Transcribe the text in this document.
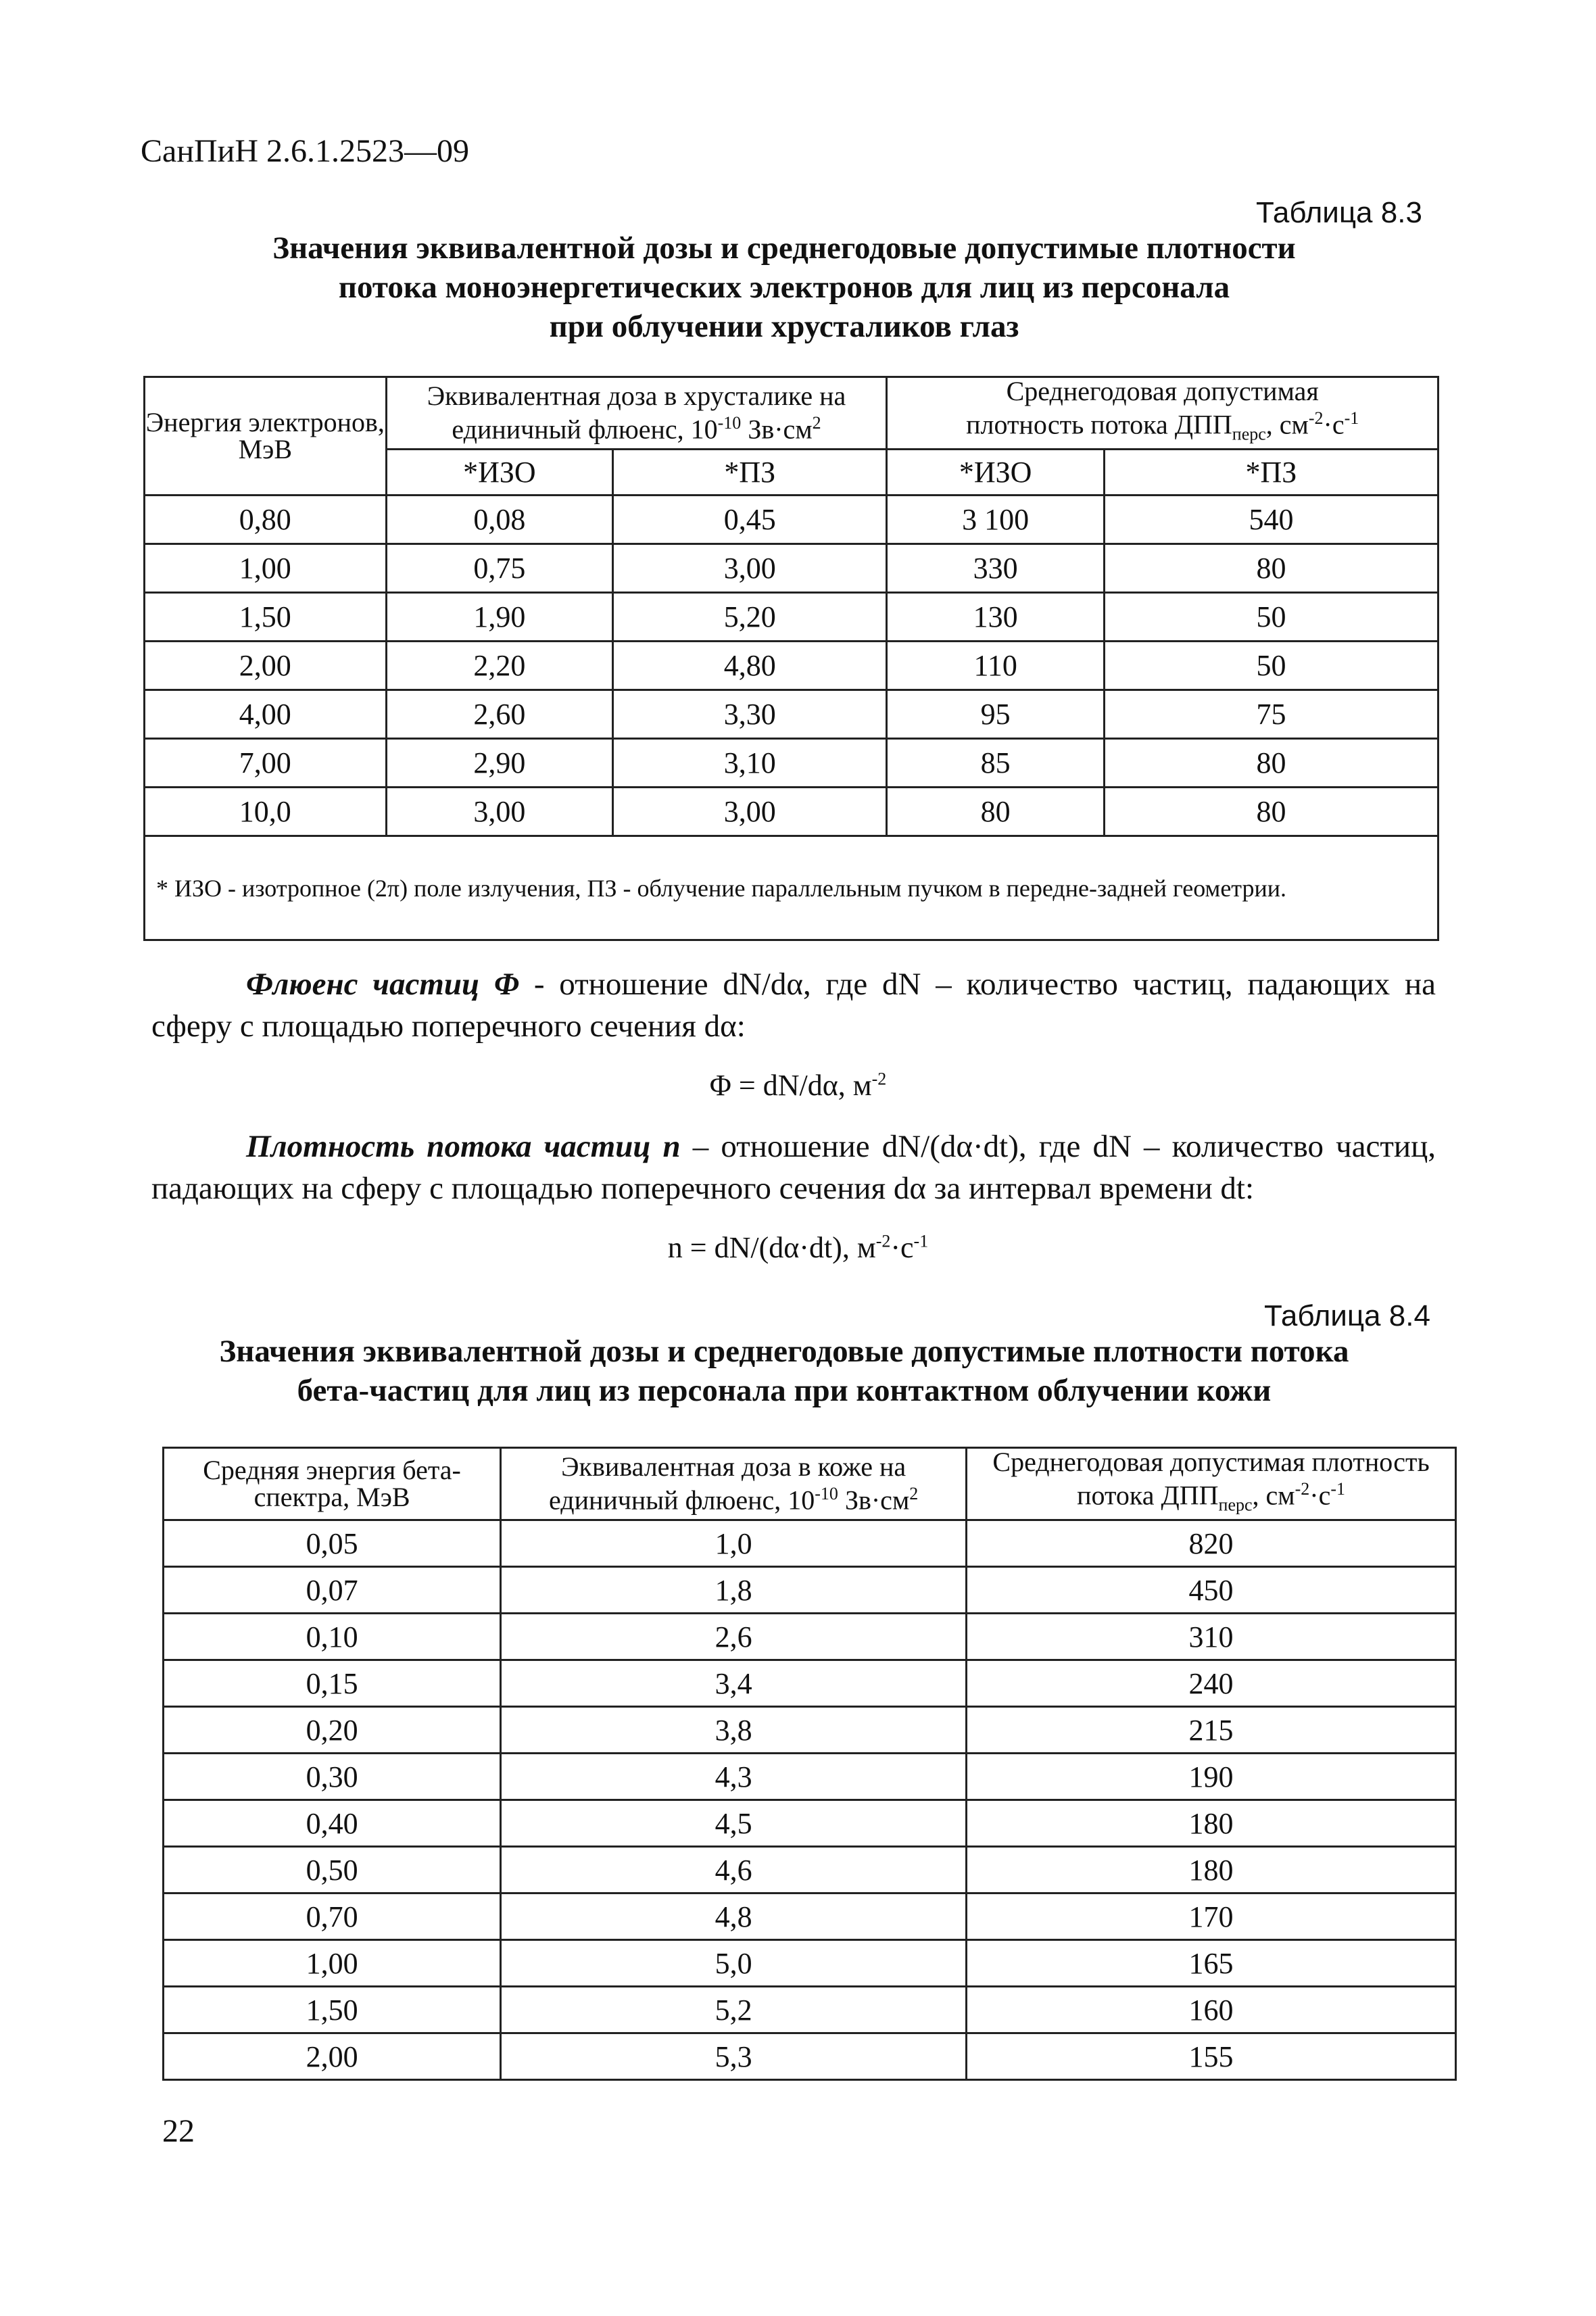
СанПиН 2.6.1.2523—09
Таблица 8.3
Значения эквивалентной дозы и среднегодовые допустимые плотности
потока моноэнергетических электронов для лиц из персонала
при облучении хрусталиков глаз
Энергия электронов, МэВ	Эквивалентная доза в хрусталике на единичный флюенс, $10^{-10}$ $Зв\cdot см^2$		Среднегодовая допустимая
плотность потока $ДПП_{перс}$, $см^{-2}\cdot с^{-1}$

	*ИЗО	*ПЗ	*ИЗО	*ПЗ
0,80	0,08	0,45	3 100	540
1,00	0,75	3,00	330	80
1,50	1,90	5,20	130	50
2,00	2,20	4,80	110	50
4,00	2,60	3,30	95	75
7,00	2,90	3,10	85	80
10,0	3,00	3,00	80	80
* ИЗО - изотропное (2π) поле излучения, ПЗ - облучение параллельным пучком в передне-задней геометрии.				
Флюенс частиц Φ - отношение dN/dα, где dN – количество частиц, падающих на сферу с площадью поперечного сечения dα:
Φ = dN/dα, $м^{-2}$
Плотность потока частиц n – отношение dN/(dα·dt), где dN – количество частиц, падающих на сферу с площадью поперечного сечения dα за интервал времени dt:
n = dN/(dα·dt), $м^{-2}\cdot с^{-1}$
Таблица 8.4
Значения эквивалентной дозы и среднегодовые допустимые плотности потока
бета-частиц для лиц из персонала при контактном облучении кожи
Средняя энергия бета-спектра, МэВ	Эквивалентная доза в коже на единичный флюенс, $10^{-10}$ $Зв\cdot см^2$	Среднегодовая допустимая плотность потока $ДПП_{перс}$, $см^{-2}\cdot с^{-1}$
0,05	1,0	820
0,07	1,8	450
0,10	2,6	310
0,15	3,4	240
0,20	3,8	215
0,30	4,3	190
0,40	4,5	180
0,50	4,6	180
0,70	4,8	170
1,00	5,0	165
1,50	5,2	160
2,00	5,3	155
22
